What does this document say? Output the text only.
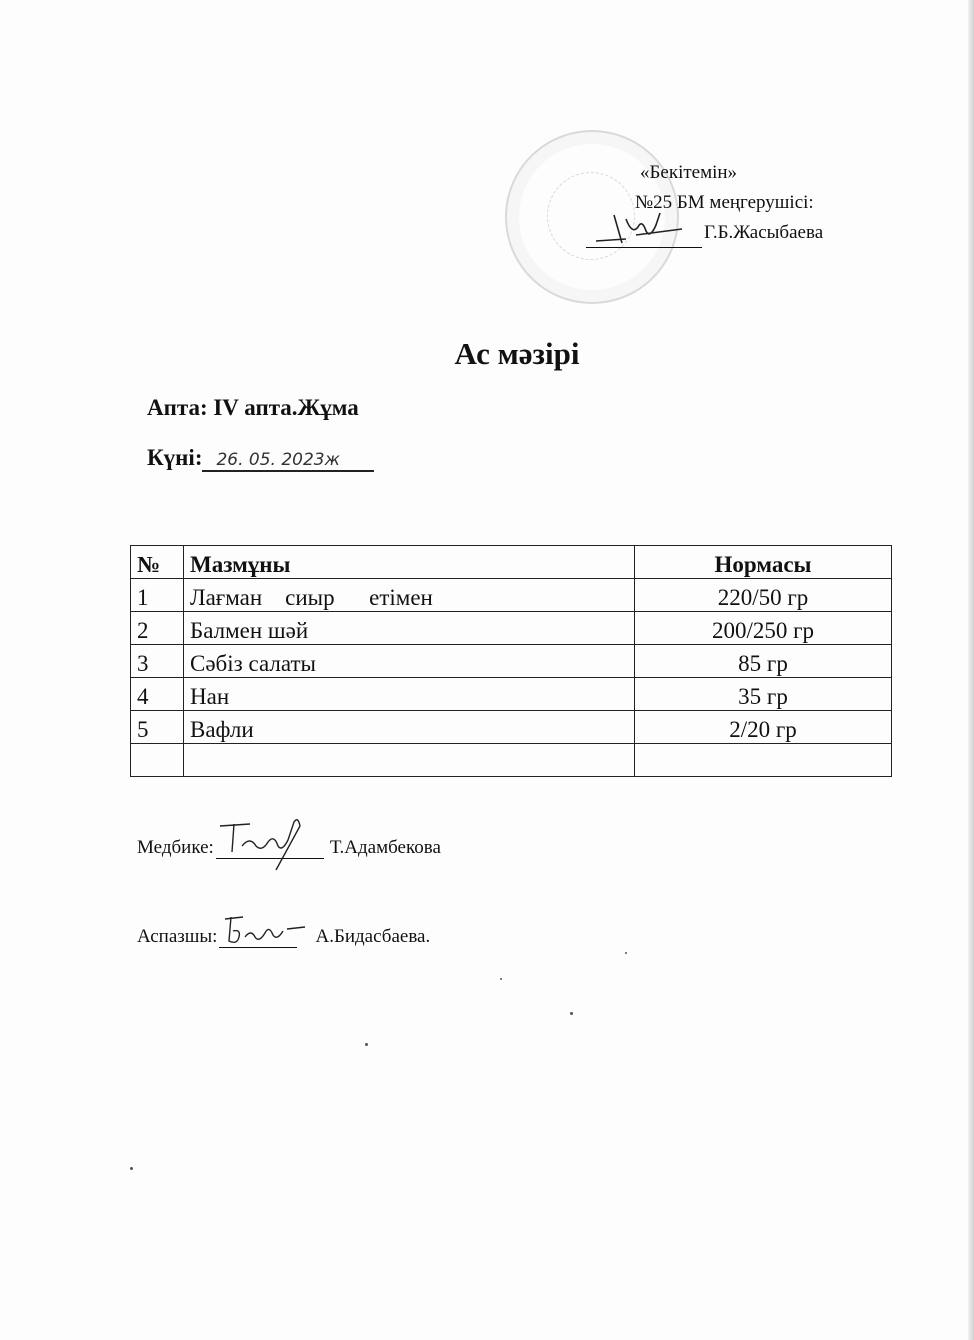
«Бекітемін»
№25 БМ меңгерушісі:
Г.Б.Жасыбаева
Ас мәзірі
Апта: IV апта.Жұма
Күні: 26. 05. 2023ж
№	Мазмұны	Нормасы
1	Лағман    сиыр      етімен	220/50 гр
2	Балмен шәй	200/250 гр
3	Сәбіз салаты	85 гр
4	Нан	35 гр
5	Вафли	2/20 гр

Медбике:	Т.Адамбекова
Аспазшы:	А.Бидасбаева.
